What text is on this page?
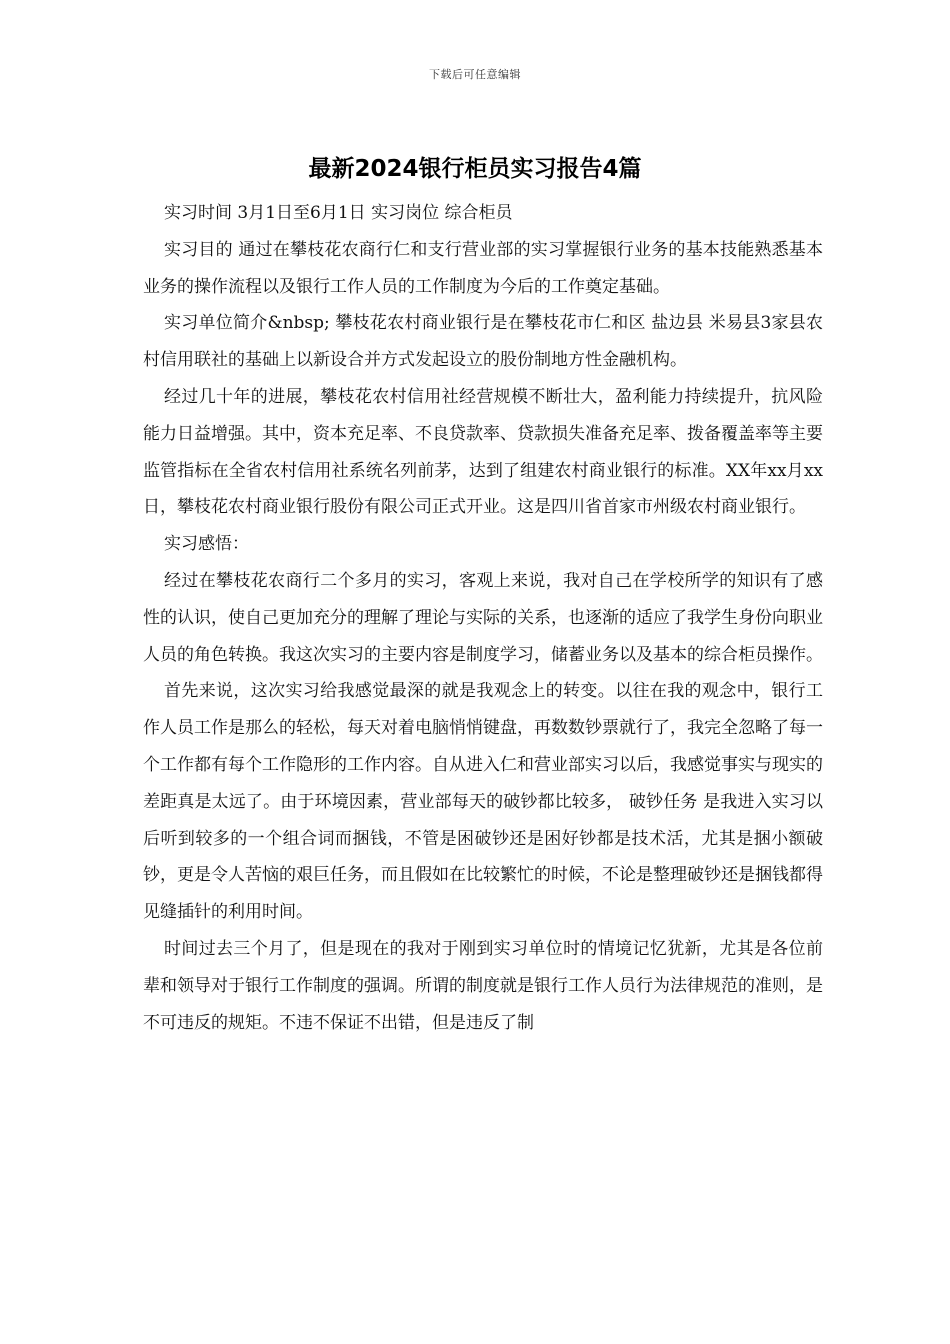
下载后可任意编辑
最新2024银行柜员实习报告4篇

实习时间 3月1日至6月1日 实习岗位 综合柜员

实习目的 通过在攀枝花农商行仁和支行营业部的实习掌握银行业务的基本技能熟悉基本业务的操作流程以及银行工作人员的工作制度为今后的工作奠定基础。

实习单位简介&nbsp; 攀枝花农村商业银行是在攀枝花市仁和区 盐边县 米易县3家县农村信用联社的基础上以新设合并方式发起设立的股份制地方性金融机构。

经过几十年的进展，攀枝花农村信用社经营规模不断壮大，盈利能力持续提升，抗风险能力日益增强。其中，资本充足率、不良贷款率、贷款损失准备充足率、拨备覆盖率等主要监管指标在全省农村信用社系统名列前茅，达到了组建农村商业银行的标准。XX年xx月xx日，攀枝花农村商业银行股份有限公司正式开业。这是四川省首家市州级农村商业银行。

实习感悟：

经过在攀枝花农商行二个多月的实习，客观上来说，我对自己在学校所学的知识有了感性的认识，使自己更加充分的理解了理论与实际的关系，也逐渐的适应了我学生身份向职业人员的角色转换。我这次实习的主要内容是制度学习，储蓄业务以及基本的综合柜员操作。

首先来说，这次实习给我感觉最深的就是我观念上的转变。以往在我的观念中，银行工作人员工作是那么的轻松，每天对着电脑悄悄键盘，再数数钞票就行了，我完全忽略了每一个工作都有每个工作隐形的工作内容。自从进入仁和营业部实习以后，我感觉事实与现实的差距真是太远了。由于环境因素，营业部每天的破钞都比较多， 破钞任务 是我进入实习以后听到较多的一个组合词而捆钱，不管是困破钞还是困好钞都是技术活，尤其是捆小额破钞，更是令人苦恼的艰巨任务，而且假如在比较繁忙的时候，不论是整理破钞还是捆钱都得见缝插针的利用时间。

时间过去三个月了，但是现在的我对于刚到实习单位时的情境记忆犹新，尤其是各位前辈和领导对于银行工作制度的强调。所谓的制度就是银行工作人员行为法律规范的准则，是不可违反的规矩。不违不保证不出错，但是违反了制
